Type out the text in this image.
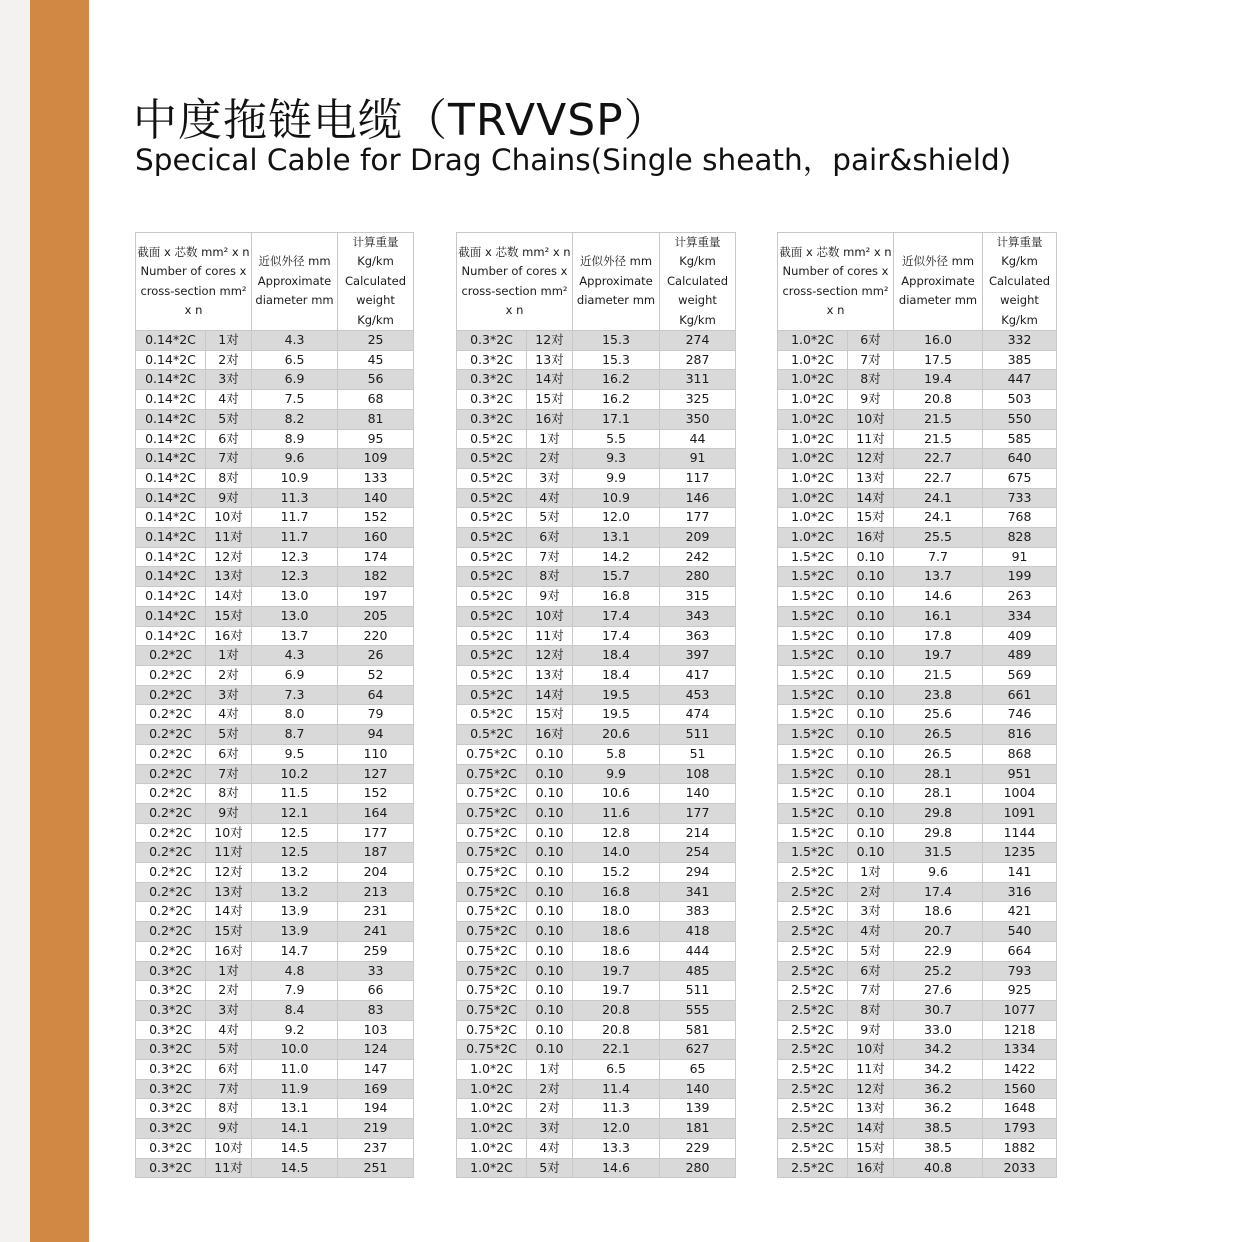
中度拖链电缆（TRVVSP）
Specical Cable for Drag Chains(Single sheath，pair&shield)
截面 x 芯数 mm² x n Number of cores x cross-section mm² x n		近似外径 mm Approximate diameter mm	计算重量 Kg/km Calculated weight Kg/km
0.14*2C	1对	4.3	25
0.14*2C	2对	6.5	45
0.14*2C	3对	6.9	56
0.14*2C	4对	7.5	68
0.14*2C	5对	8.2	81
0.14*2C	6对	8.9	95
0.14*2C	7对	9.6	109
0.14*2C	8对	10.9	133
0.14*2C	9对	11.3	140
0.14*2C	10对	11.7	152
0.14*2C	11对	11.7	160
0.14*2C	12对	12.3	174
0.14*2C	13对	12.3	182
0.14*2C	14对	13.0	197
0.14*2C	15对	13.0	205
0.14*2C	16对	13.7	220
0.2*2C	1对	4.3	26
0.2*2C	2对	6.9	52
0.2*2C	3对	7.3	64
0.2*2C	4对	8.0	79
0.2*2C	5对	8.7	94
0.2*2C	6对	9.5	110
0.2*2C	7对	10.2	127
0.2*2C	8对	11.5	152
0.2*2C	9对	12.1	164
0.2*2C	10对	12.5	177
0.2*2C	11对	12.5	187
0.2*2C	12对	13.2	204
0.2*2C	13对	13.2	213
0.2*2C	14对	13.9	231
0.2*2C	15对	13.9	241
0.2*2C	16对	14.7	259
0.3*2C	1对	4.8	33
0.3*2C	2对	7.9	66
0.3*2C	3对	8.4	83
0.3*2C	4对	9.2	103
0.3*2C	5对	10.0	124
0.3*2C	6对	11.0	147
0.3*2C	7对	11.9	169
0.3*2C	8对	13.1	194
0.3*2C	9对	14.1	219
0.3*2C	10对	14.5	237
0.3*2C	11对	14.5	251
截面 x 芯数 mm² x n Number of cores x cross-section mm² x n		近似外径 mm Approximate diameter mm	计算重量 Kg/km Calculated weight Kg/km
0.3*2C	12对	15.3	274
0.3*2C	13对	15.3	287
0.3*2C	14对	16.2	311
0.3*2C	15对	16.2	325
0.3*2C	16对	17.1	350
0.5*2C	1对	5.5	44
0.5*2C	2对	9.3	91
0.5*2C	3对	9.9	117
0.5*2C	4对	10.9	146
0.5*2C	5对	12.0	177
0.5*2C	6对	13.1	209
0.5*2C	7对	14.2	242
0.5*2C	8对	15.7	280
0.5*2C	9对	16.8	315
0.5*2C	10对	17.4	343
0.5*2C	11对	17.4	363
0.5*2C	12对	18.4	397
0.5*2C	13对	18.4	417
0.5*2C	14对	19.5	453
0.5*2C	15对	19.5	474
0.5*2C	16对	20.6	511
0.75*2C	0.10	5.8	51
0.75*2C	0.10	9.9	108
0.75*2C	0.10	10.6	140
0.75*2C	0.10	11.6	177
0.75*2C	0.10	12.8	214
0.75*2C	0.10	14.0	254
0.75*2C	0.10	15.2	294
0.75*2C	0.10	16.8	341
0.75*2C	0.10	18.0	383
0.75*2C	0.10	18.6	418
0.75*2C	0.10	18.6	444
0.75*2C	0.10	19.7	485
0.75*2C	0.10	19.7	511
0.75*2C	0.10	20.8	555
0.75*2C	0.10	20.8	581
0.75*2C	0.10	22.1	627
1.0*2C	1对	6.5	65
1.0*2C	2对	11.4	140
1.0*2C	2对	11.3	139
1.0*2C	3对	12.0	181
1.0*2C	4对	13.3	229
1.0*2C	5对	14.6	280
截面 x 芯数 mm² x n Number of cores x cross-section mm² x n		近似外径 mm Approximate diameter mm	计算重量 Kg/km Calculated weight Kg/km
1.0*2C	6对	16.0	332
1.0*2C	7对	17.5	385
1.0*2C	8对	19.4	447
1.0*2C	9对	20.8	503
1.0*2C	10对	21.5	550
1.0*2C	11对	21.5	585
1.0*2C	12对	22.7	640
1.0*2C	13对	22.7	675
1.0*2C	14对	24.1	733
1.0*2C	15对	24.1	768
1.0*2C	16对	25.5	828
1.5*2C	0.10	7.7	91
1.5*2C	0.10	13.7	199
1.5*2C	0.10	14.6	263
1.5*2C	0.10	16.1	334
1.5*2C	0.10	17.8	409
1.5*2C	0.10	19.7	489
1.5*2C	0.10	21.5	569
1.5*2C	0.10	23.8	661
1.5*2C	0.10	25.6	746
1.5*2C	0.10	26.5	816
1.5*2C	0.10	26.5	868
1.5*2C	0.10	28.1	951
1.5*2C	0.10	28.1	1004
1.5*2C	0.10	29.8	1091
1.5*2C	0.10	29.8	1144
1.5*2C	0.10	31.5	1235
2.5*2C	1对	9.6	141
2.5*2C	2对	17.4	316
2.5*2C	3对	18.6	421
2.5*2C	4对	20.7	540
2.5*2C	5对	22.9	664
2.5*2C	6对	25.2	793
2.5*2C	7对	27.6	925
2.5*2C	8对	30.7	1077
2.5*2C	9对	33.0	1218
2.5*2C	10对	34.2	1334
2.5*2C	11对	34.2	1422
2.5*2C	12对	36.2	1560
2.5*2C	13对	36.2	1648
2.5*2C	14对	38.5	1793
2.5*2C	15对	38.5	1882
2.5*2C	16对	40.8	2033
